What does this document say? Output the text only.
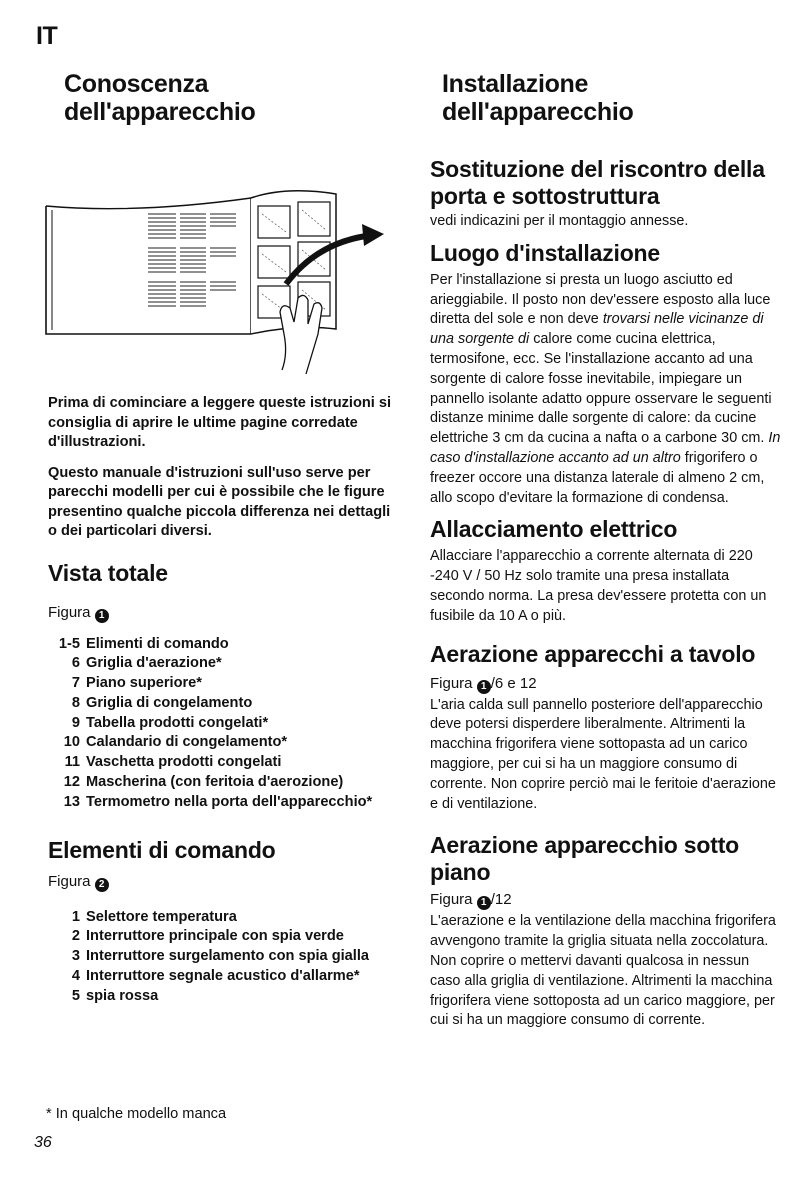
IT
Conoscenza
dell'apparecchio

Prima di cominciare a leggere queste istruzioni si consiglia di aprire le ultime pagine corredate d'illustrazioni.

Questo manuale d'istruzioni sull'uso serve per parecchi modelli per cui è possibile che le figure presentino qualche piccola differenza nei dettagli o dei particolari diversi.

Vista totale
Figura 1
1-5 Elimenti di comando
6 Griglia d'aerazione*
7 Piano superiore*
8 Griglia di congelamento
9 Tabella prodotti congelati*
10 Calandario di congelamento*
11 Vaschetta prodotti congelati
12 Mascherina (con feritoia d'aerozione)
13 Termometro nella porta dell'apparecchio*
Elementi di comando
Figura 2
1 Selettore temperatura
2 Interruttore principale con spia verde
3 Interruttore surgelamento con spia gialla
4 Interruttore segnale acustico d'allarme*
5 spia rossa
* In qualche modello manca
36
Installazione
dell'apparecchio
Sostituzione del riscontro della porta e sottostruttura

vedi indicazini per il montaggio annesse.

Luogo d'installazione

Per l'installazione si presta un luogo asciutto ed arieggiabile. Il posto non dev'essere esposto alla luce diretta del sole e non deve trovarsi nelle vicinanze di una sorgente di calore come cucina elettrica, termosifone, ecc. Se l'installazione accanto ad una sorgente di calore fosse inevitabile, impiegare un pannello isolante adatto oppure osservare le seguenti distanze minime dalle sorgente di calore: da cucine elettriche 3 cm da cucina a nafta o a carbone 30 cm. In caso d'installazione accanto ad un altro frigorifero o freezer occore una distanza laterale di almeno 2 cm, allo scopo d'evitare la formazione di condensa.

Allacciamento elettrico

Allacciare l'apparecchio a corrente alternata di 220 -240 V / 50 Hz solo tramite una presa installata secondo norma. La presa dev'essere protetta con un fusibile da 10 A o più.

Aerazione apparecchi a tavolo
Figura 1 /6 e 12

L'aria calda sull pannello posteriore dell'apparecchio deve potersi disperdere liberalmente. Altrimenti la macchina frigorifera viene sottopasta ad un carico maggiore, per cui si ha un maggiore consumo di corrente. Non coprire perciò mai le feritoie d'aerazione e di ventilazione.

Aerazione apparecchio sotto piano
Figura 1 /12

L'aerazione e la ventilazione della macchina frigorifera avvengono tramite la griglia situata nella zoccolatura. Non coprire o mettervi davanti qualcosa in nessun caso alla griglia di ventilazione. Altrimenti la macchina frigorifera viene sottoposta ad un carico maggiore, per cui si ha un maggiore consumo di corrente.
